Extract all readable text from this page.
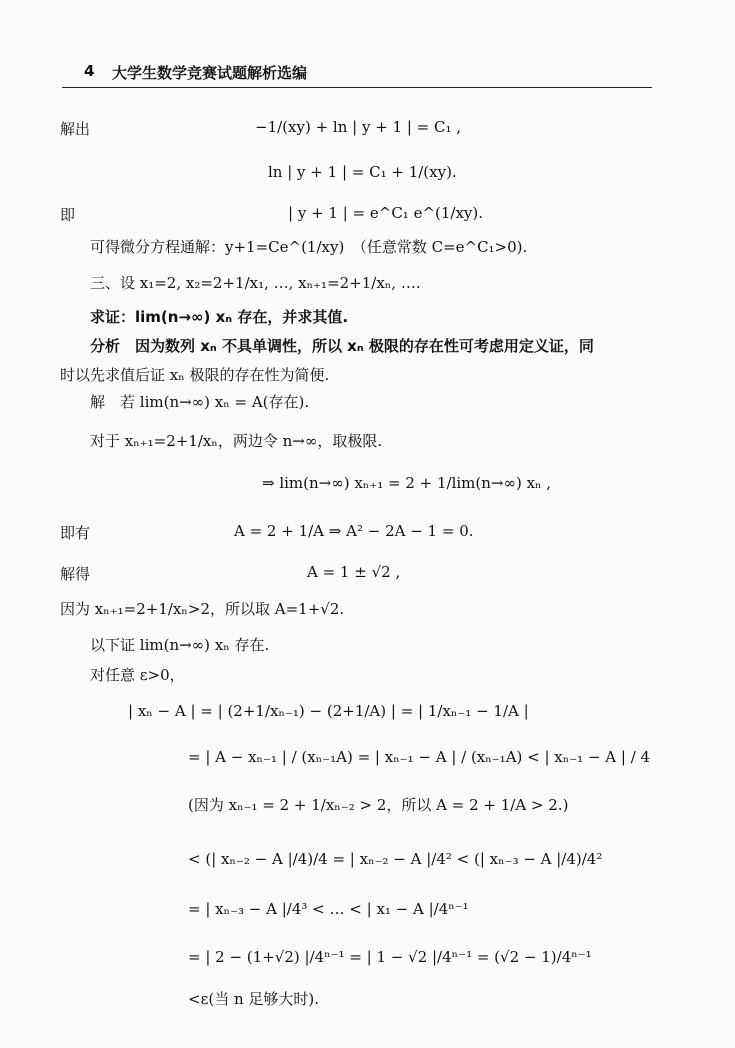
4 大学生数学竞赛试题解析选编
解出	−1/(xy) + ln | y + 1 | = C₁ ,
ln | y + 1 | = C₁ + 1/(xy).
即	| y + 1 | = e^C₁ e^(1/xy).
可得微分方程通解：y+1=Ce^(1/xy)　（任意常数 C=e^C₁>0).
三、设 x₁=2, x₂=2+1/x₁, …, xₙ₊₁=2+1/xₙ, ….
求证：lim(n→∞) xₙ 存在，并求其值.
分析　因为数列 xₙ 不具单调性，所以 xₙ 极限的存在性可考虑用定义证，同
时以先求值后证 xₙ 极限的存在性为简便.
解　若 lim(n→∞) xₙ = A(存在).
对于 xₙ₊₁=2+1/xₙ，两边令 n→∞，取极限.
⇒ lim(n→∞) xₙ₊₁ = 2 + 1/lim(n→∞) xₙ ,
即有	A = 2 + 1/A ⇒ A² − 2A − 1 = 0.
解得	A = 1 ± √2 ,
因为 xₙ₊₁=2+1/xₙ>2，所以取 A=1+√2.
以下证 lim(n→∞) xₙ 存在.
对任意 ε>0，
| xₙ − A | = | (2+1/xₙ₋₁) − (2+1/A) | = | 1/xₙ₋₁ − 1/A |
= | A − xₙ₋₁ | / (xₙ₋₁A) = | xₙ₋₁ − A | / (xₙ₋₁A) < | xₙ₋₁ − A | / 4
(因为 xₙ₋₁ = 2 + 1/xₙ₋₂ > 2，所以 A = 2 + 1/A > 2.)
< (| xₙ₋₂ − A |/4)/4 = | xₙ₋₂ − A |/4² < (| xₙ₋₃ − A |/4)/4²
= | xₙ₋₃ − A |/4³ < … < | x₁ − A |/4ⁿ⁻¹
= | 2 − (1+√2) |/4ⁿ⁻¹ = | 1 − √2 |/4ⁿ⁻¹ = (√2 − 1)/4ⁿ⁻¹
<ε(当 n 足够大时).
